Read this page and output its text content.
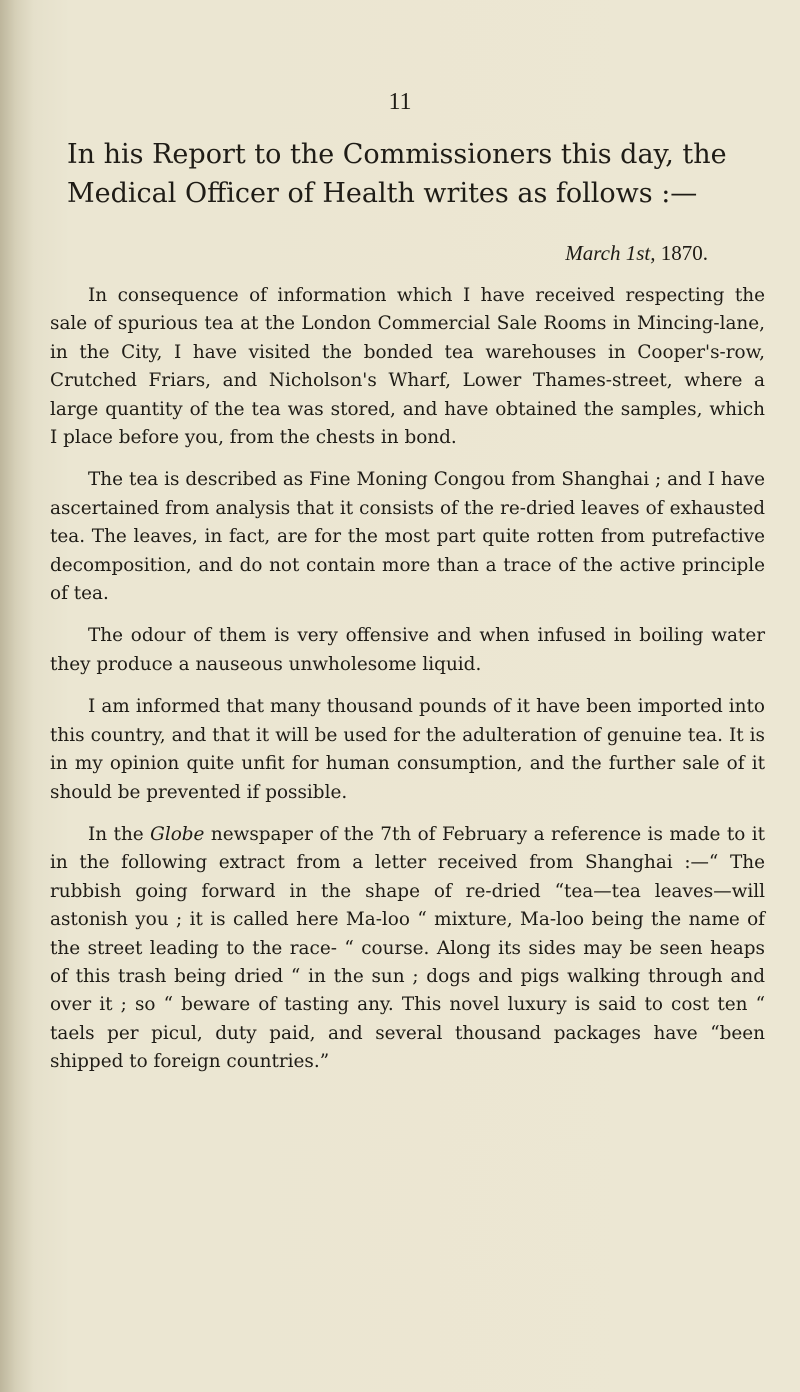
11
In his Report to the Commissioners this day, the Medical Officer of Health writes as follows :—
March 1st, 1870.

In consequence of information which I have received respecting the sale of spurious tea at the London Commercial Sale Rooms in Mincing-lane, in the City, I have visited the bonded tea warehouses in Cooper's-row, Crutched Friars, and Nicholson's Wharf, Lower Thames-street, where a large quantity of the tea was stored, and have obtained the samples, which I place before you, from the chests in bond.

The tea is described as Fine Moning Congou from Shanghai ; and I have ascertained from analysis that it consists of the re-dried leaves of exhausted tea. The leaves, in fact, are for the most part quite rotten from putrefactive decomposition, and do not contain more than a trace of the active principle of tea.

The odour of them is very offensive and when infused in boiling water they produce a nauseous unwholesome liquid.

I am informed that many thousand pounds of it have been imported into this country, and that it will be used for the adulteration of genuine tea. It is in my opinion quite unfit for human consumption, and the further sale of it should be prevented if possible.

In the Globe newspaper of the 7th of February a reference is made to it in the following extract from a letter received from Shanghai :—“ The rubbish going forward in the shape of re-dried “tea—tea leaves—will astonish you ; it is called here Ma-loo “ mixture, Ma-loo being the name of the street leading to the race- “ course. Along its sides may be seen heaps of this trash being dried “ in the sun ; dogs and pigs walking through and over it ; so “ beware of tasting any. This novel luxury is said to cost ten “ taels per picul, duty paid, and several thousand packages have “been shipped to foreign countries.”
